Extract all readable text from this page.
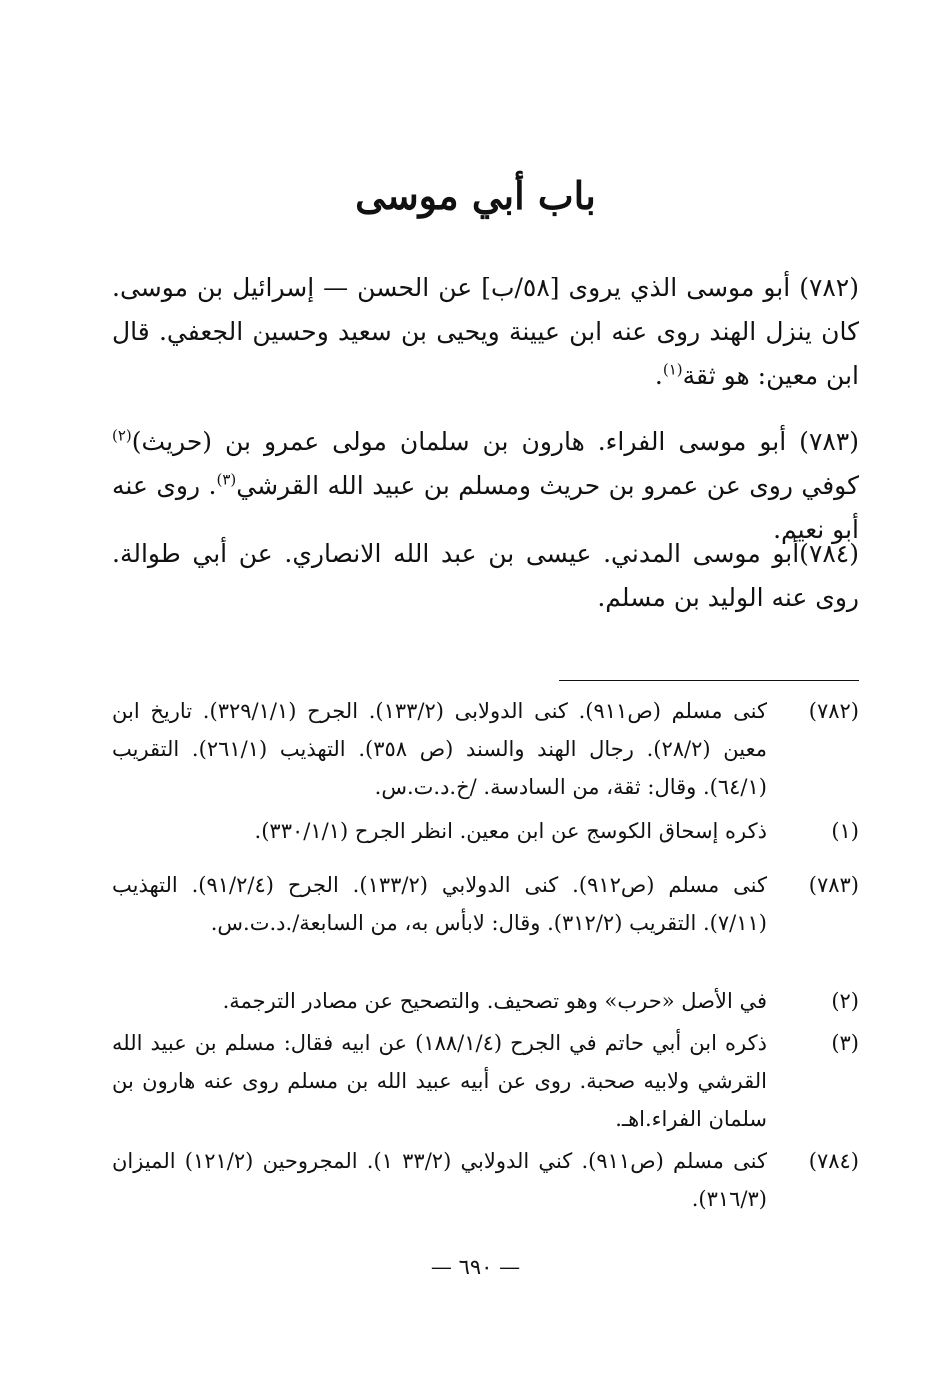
باب أبي موسى
(٧٨٢) أبو موسى الذي يروى [٥٨/ب] عن الحسن — إسرائيل بن موسى. كان ينزل الهند روى عنه ابن عيينة ويحيى بن سعيد وحسين الجعفي. قال ابن معين: هو ثقة$^{(١)}$.
(٧٨٣) أبو موسى الفراء. هارون بن سلمان مولى عمرو بن (حريث)$^{(٢)}$ كوفي روى عن عمرو بن حريث ومسلم بن عبيد الله القرشي$^{(٣)}$. روى عنه أبو نعيم.
(٧٨٤)أبو موسى المدني. عيسى بن عبد الله الانصاري. عن أبي طوالة. روى عنه الوليد بن مسلم.
(٧٨٢)
كنى مسلم (ص٩١١). كنى الدولابى (١٣٣/٢). الجرح (٣٢٩/١/١). تاريخ ابن معين (٢٨/٢). رجال الهند والسند (ص ٣٥٨). التهذيب (٢٦١/١). التقريب (٦٤/١). وقال: ثقة، من السادسة. /خ.د.ت.س.
(١)
ذكره إسحاق الكوسج عن ابن معين. انظر الجرح (٣٣٠/١/١).
(٧٨٣)
كنى مسلم (ص٩١٢). كنى الدولابي (١٣٣/٢). الجرح (٩١/٢/٤). التهذيب (٧/١١). التقريب (٣١٢/٢). وقال: لابأس به، من السابعة/.د.ت.س.
(٢)
في الأصل «حرب» وهو تصحيف. والتصحيح عن مصادر الترجمة.
(٣)
ذكره ابن أبي حاتم في الجرح (١٨٨/١/٤) عن ابيه فقال: مسلم بن عبيد الله القرشي ولابيه صحبة. روى عن أبيه عبيد الله بن مسلم روى عنه هارون بن سلمان الفراء.اهـ.
(٧٨٤)
كنى مسلم (ص٩١١). كني الدولابي (٣٣/٢ ١). المجروحين (١٢١/٢) الميزان (٣١٦/٣).
— ٦٩٠ —
